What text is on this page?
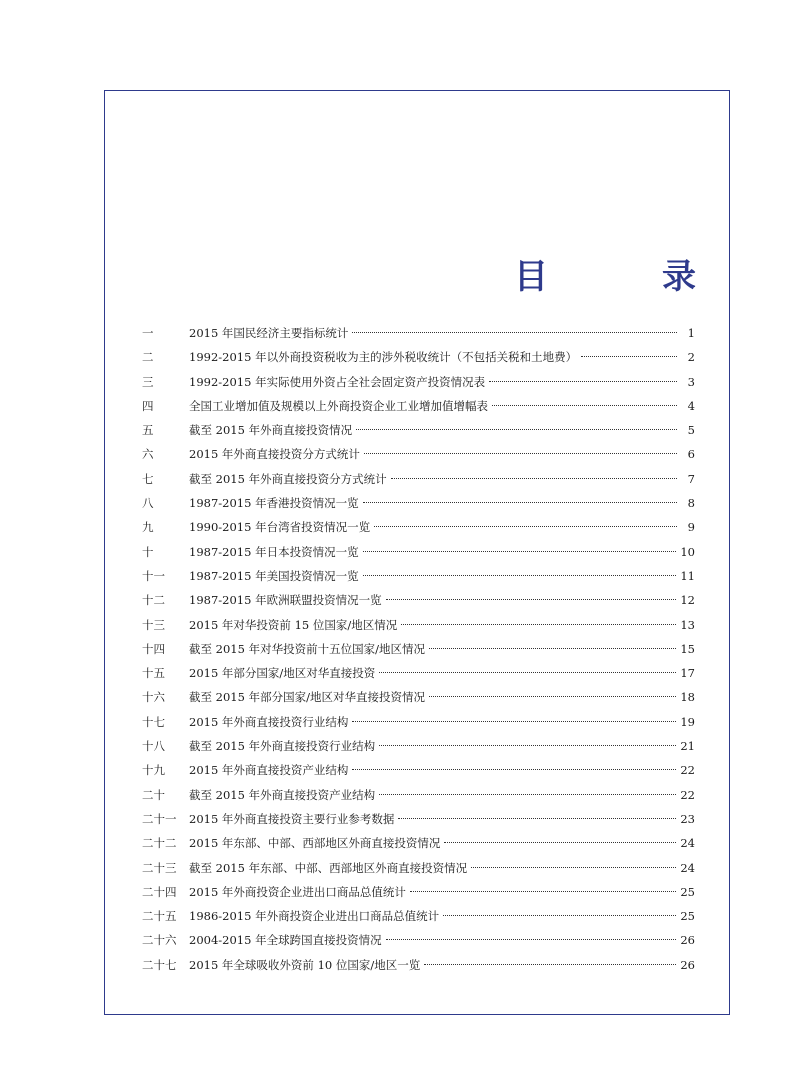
目　录
一	2015 年国民经济主要指标统计	1
二	1992-2015 年以外商投资税收为主的涉外税收统计（不包括关税和土地费）	2
三	1992-2015 年实际使用外资占全社会固定资产投资情况表	3
四	全国工业增加值及规模以上外商投资企业工业增加值增幅表	4
五	截至 2015 年外商直接投资情况	5
六	2015 年外商直接投资分方式统计	6
七	截至 2015 年外商直接投资分方式统计	7
八	1987-2015 年香港投资情况一览	8
九	1990-2015 年台湾省投资情况一览	9
十	1987-2015 年日本投资情况一览	10
十一	1987-2015 年美国投资情况一览	11
十二	1987-2015 年欧洲联盟投资情况一览	12
十三	2015 年对华投资前 15 位国家/地区情况	13
十四	截至 2015 年对华投资前十五位国家/地区情况	15
十五	2015 年部分国家/地区对华直接投资	17
十六	截至 2015 年部分国家/地区对华直接投资情况	18
十七	2015 年外商直接投资行业结构	19
十八	截至 2015 年外商直接投资行业结构	21
十九	2015 年外商直接投资产业结构	22
二十	截至 2015 年外商直接投资产业结构	22
二十一	2015 年外商直接投资主要行业参考数据	23
二十二	2015 年东部、中部、西部地区外商直接投资情况	24
二十三	截至 2015 年东部、中部、西部地区外商直接投资情况	24
二十四	2015 年外商投资企业进出口商品总值统计	25
二十五	1986-2015 年外商投资企业进出口商品总值统计	25
二十六	2004-2015 年全球跨国直接投资情况	26
二十七	2015 年全球吸收外资前 10 位国家/地区一览	26
